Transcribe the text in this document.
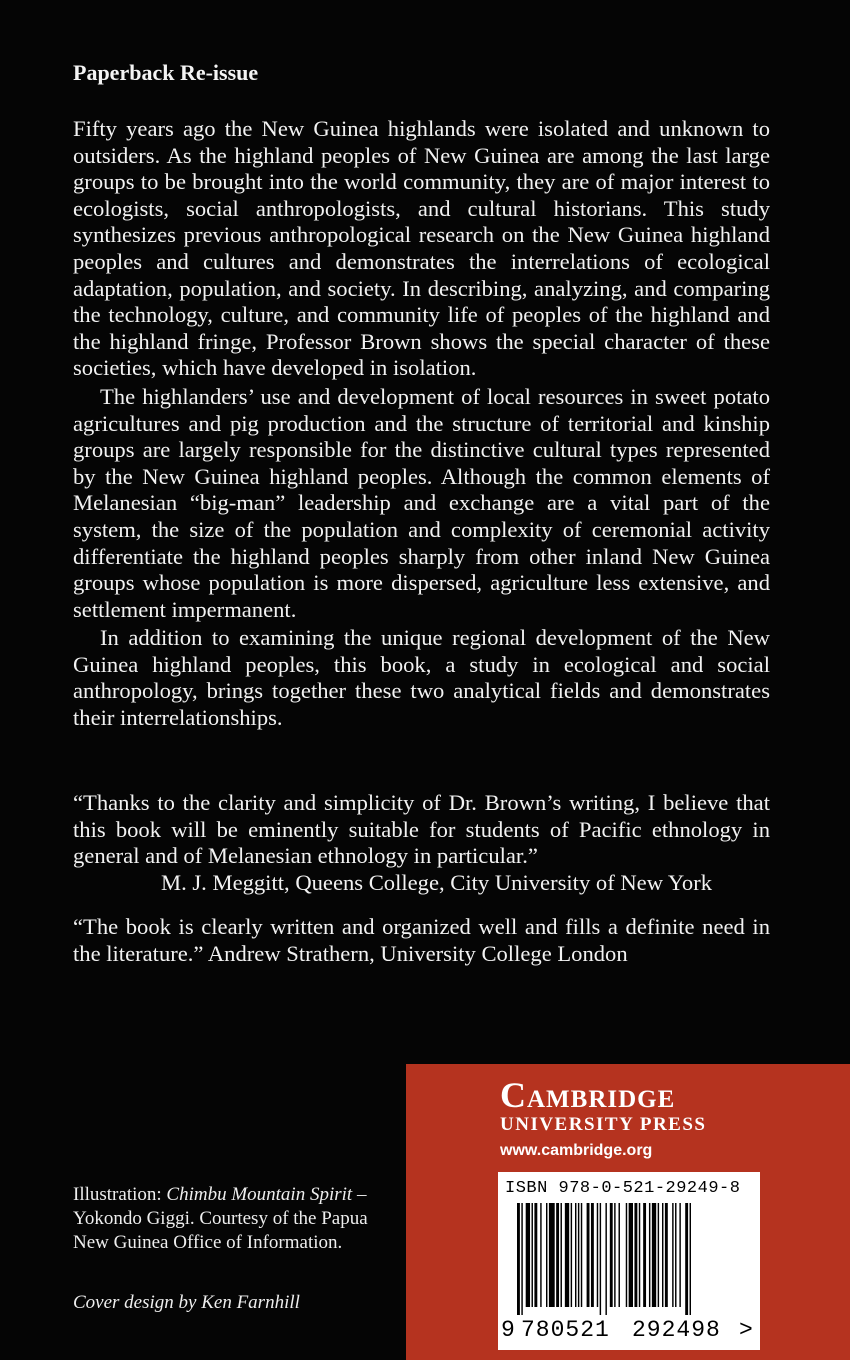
Paperback Re-issue

Fifty years ago the New Guinea highlands were isolated and unknown to outsiders. As the highland peoples of New Guinea are among the last large groups to be brought into the world community, they are of major interest to ecologists, social anthropologists, and cultural historians. This study synthesizes previous anthropological research on the New Guinea highland peoples and cultures and demonstrates the interrelations of ecological adaptation, population, and society. In describing, analyzing, and comparing the technology, culture, and community life of peoples of the highland and the highland fringe, Professor Brown shows the special character of these societies, which have developed in isolation.

The highlanders’ use and development of local resources in sweet potato agricultures and pig production and the structure of territorial and kinship groups are largely responsible for the distinctive cultural types represented by the New Guinea highland peoples. Although the common elements of Melanesian “big-man” leadership and exchange are a vital part of the system, the size of the population and complexity of ceremonial activity differentiate the highland peoples sharply from other inland New Guinea groups whose population is more dispersed, agriculture less extensive, and settlement impermanent.

In addition to examining the unique regional development of the New Guinea highland peoples, this book, a study in ecological and social anthropology, brings together these two analytical fields and demonstrates their interrelationships.

“Thanks to the clarity and simplicity of Dr. Brown’s writing, I believe that this book will be eminently suitable for students of Pacific ethnology in general and of Melanesian ethnology in particular.”

M. J. Meggitt, Queens College, City University of New York

“The book is clearly written and organized well and fills a definite need in the literature.” Andrew Strathern, University College London

Cambridge
UNIVERSITY PRESS
www.cambridge.org
ISBN 978-0-521-29249-8
9 780521 292498 >
Illustration: Chimbu Mountain Spirit – Yokondo Giggi. Courtesy of the Papua New Guinea Office of Information.
Cover design by Ken Farnhill
